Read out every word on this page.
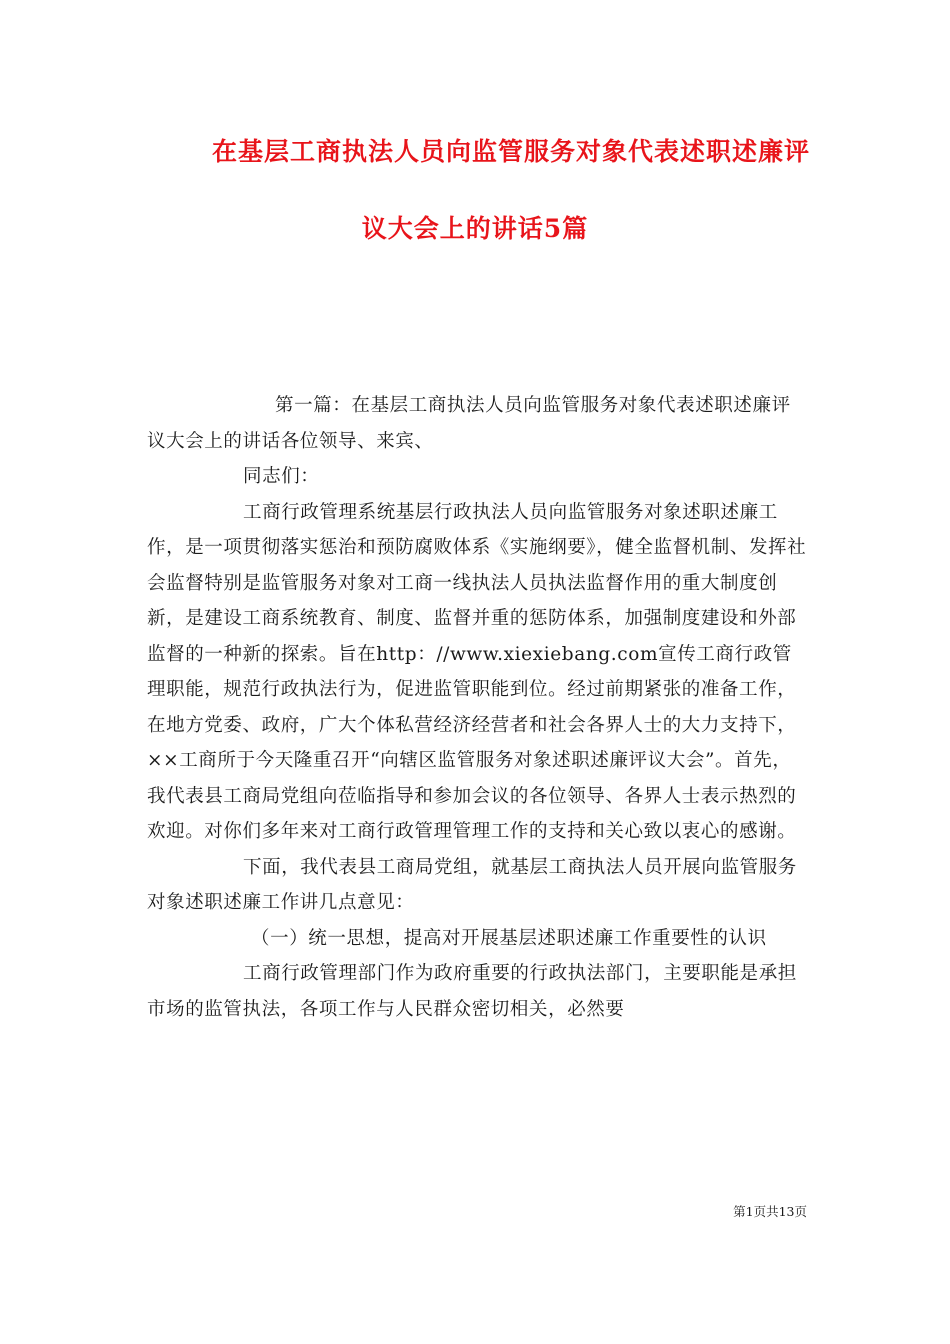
在基层工商执法人员向监管服务对象代表述职述廉评
议大会上的讲话5篇

第一篇：在基层工商执法人员向监管服务对象代表述职述廉评议大会上的讲话各位领导、来宾、

同志们：

工商行政管理系统基层行政执法人员向监管服务对象述职述廉工作，是一项贯彻落实惩治和预防腐败体系《实施纲要》，健全监督机制、发挥社会监督特别是监管服务对象对工商一线执法人员执法监督作用的重大制度创新，是建设工商系统教育、制度、监督并重的惩防体系，加强制度建设和外部监督的一种新的探索。旨在http：//www.xiexiebang.com宣传工商行政管理职能，规范行政执法行为，促进监管职能到位。经过前期紧张的准备工作，在地方党委、政府，广大个体私营经济经营者和社会各界人士的大力支持下，××工商所于今天隆重召开“向辖区监管服务对象述职述廉评议大会”。首先，我代表县工商局党组向莅临指导和参加会议的各位领导、各界人士表示热烈的欢迎。对你们多年来对工商行政管理管理工作的支持和关心致以衷心的感谢。

下面，我代表县工商局党组，就基层工商执法人员开展向监管服务对象述职述廉工作讲几点意见：

（一）统一思想，提高对开展基层述职述廉工作重要性的认识

工商行政管理部门作为政府重要的行政执法部门，主要职能是承担市场的监管执法，各项工作与人民群众密切相关，必然要

第1页共13页
